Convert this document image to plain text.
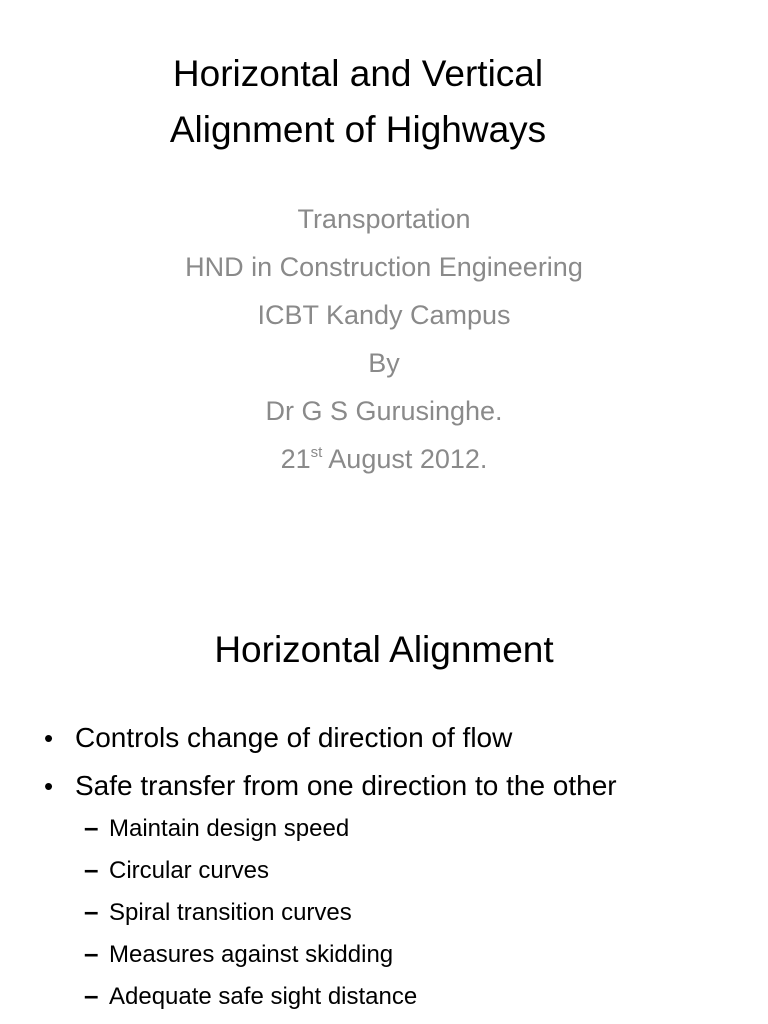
Horizontal and Vertical
Alignment of Highways
Transportation
HND in Construction Engineering
ICBT Kandy Campus
By
Dr G S Gurusinghe.
21st August 2012.
Horizontal Alignment
• Controls change of direction of flow
• Safe transfer from one direction to the other
– Maintain design speed
– Circular curves
– Spiral transition curves
– Measures against skidding
– Adequate safe sight distance
